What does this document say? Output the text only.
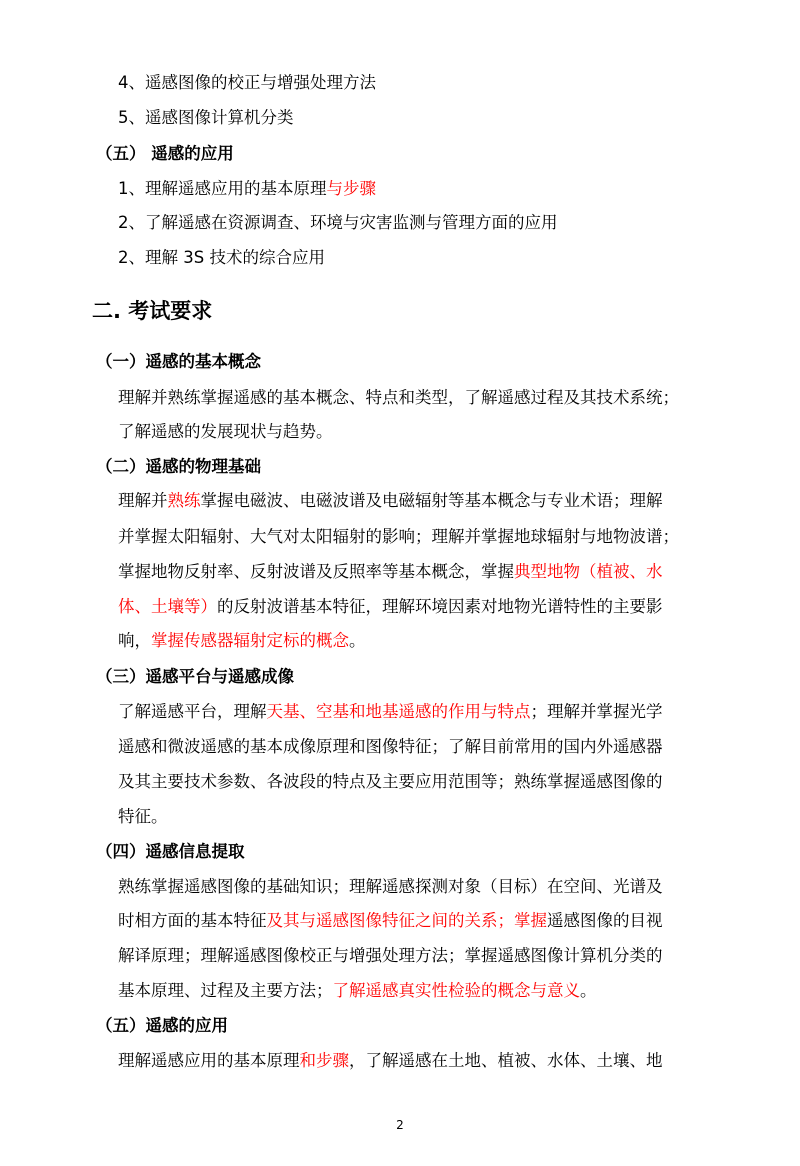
4、遥感图像的校正与增强处理方法
5、遥感图像计算机分类
（五） 遥感的应用
1、理解遥感应用的基本原理与步骤
2、了解遥感在资源调查、环境与灾害监测与管理方面的应用
2、理解 3S 技术的综合应用
二. 考试要求
（一）遥感的基本概念
理解并熟练掌握遥感的基本概念、特点和类型，了解遥感过程及其技术系统；
了解遥感的发展现状与趋势。
（二）遥感的物理基础
理解并熟练掌握电磁波、电磁波谱及电磁辐射等基本概念与专业术语；理解
并掌握太阳辐射、大气对太阳辐射的影响；理解并掌握地球辐射与地物波谱；
掌握地物反射率、反射波谱及反照率等基本概念，掌握典型地物（植被、水
体、土壤等）的反射波谱基本特征，理解环境因素对地物光谱特性的主要影
响，掌握传感器辐射定标的概念。
（三）遥感平台与遥感成像
了解遥感平台，理解天基、空基和地基遥感的作用与特点；理解并掌握光学
遥感和微波遥感的基本成像原理和图像特征；了解目前常用的国内外遥感器
及其主要技术参数、各波段的特点及主要应用范围等；熟练掌握遥感图像的
特征。
（四）遥感信息提取
熟练掌握遥感图像的基础知识；理解遥感探测对象（目标）在空间、光谱及
时相方面的基本特征及其与遥感图像特征之间的关系；掌握遥感图像的目视
解译原理；理解遥感图像校正与增强处理方法；掌握遥感图像计算机分类的
基本原理、过程及主要方法；了解遥感真实性检验的概念与意义。
（五）遥感的应用
理解遥感应用的基本原理和步骤，了解遥感在土地、植被、水体、土壤、地
2
